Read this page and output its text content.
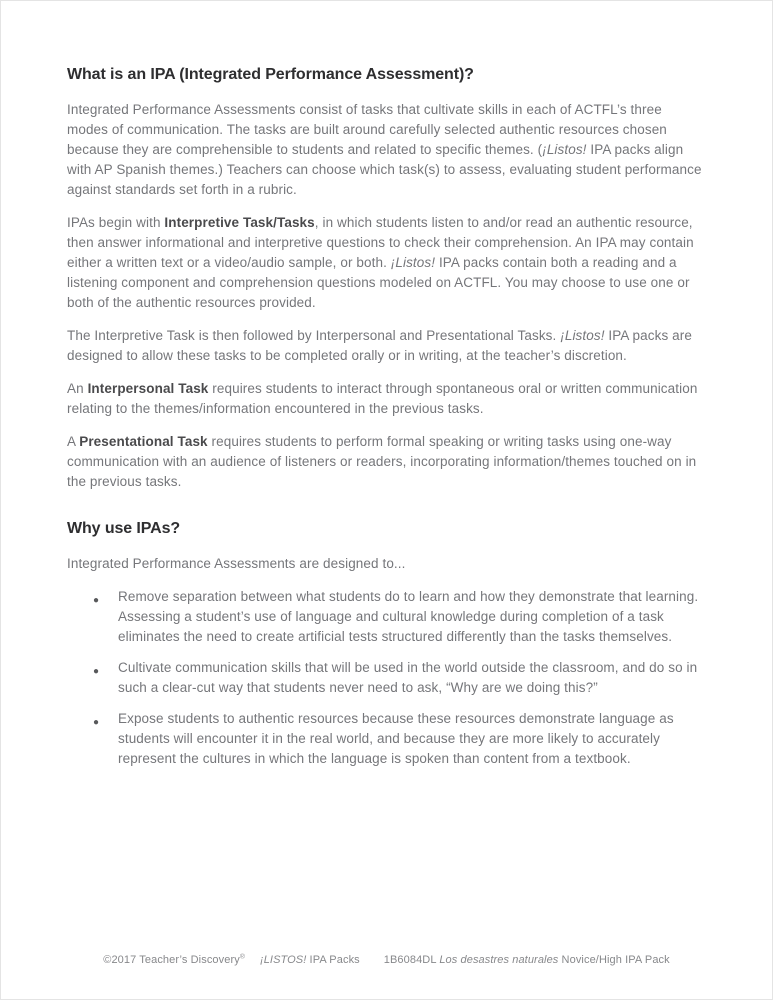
What is an IPA (Integrated Performance Assessment)?

Integrated Performance Assessments consist of tasks that cultivate skills in each of ACTFL’s three modes of communication. The tasks are built around carefully selected authentic resources chosen because they are comprehensible to students and related to specific themes. (¡Listos! IPA packs align with AP Spanish themes.) Teachers can choose which task(s) to assess, evaluating student performance against standards set forth in a rubric.

IPAs begin with Interpretive Task/Tasks, in which students listen to and/or read an authentic resource, then answer informational and interpretive questions to check their comprehension. An IPA may contain either a written text or a video/audio sample, or both. ¡Listos! IPA packs contain both a reading and a listening component and comprehension questions modeled on ACTFL. You may choose to use one or both of the authentic resources provided.

The Interpretive Task is then followed by Interpersonal and Presentational Tasks. ¡Listos! IPA packs are designed to allow these tasks to be completed orally or in writing, at the teacher’s discretion.

An Interpersonal Task requires students to interact through spontaneous oral or written communication relating to the themes/information encountered in the previous tasks.

A Presentational Task requires students to perform formal speaking or writing tasks using one-way communication with an audience of listeners or readers, incorporating information/themes touched on in the previous tasks.

Why use IPAs?

Integrated Performance Assessments are designed to...

● Remove separation between what students do to learn and how they demonstrate that learning. Assessing a student’s use of language and cultural knowledge during completion of a task eliminates the need to create artificial tests structured differently than the tasks themselves.
● Cultivate communication skills that will be used in the world outside the classroom, and do so in such a clear-cut way that students never need to ask, “Why are we doing this?”
● Expose students to authentic resources because these resources demonstrate language as students will encounter it in the real world, and because they are more likely to accurately represent the cultures in which the language is spoken than content from a textbook.
©2017 Teacher’s Discovery® ¡LISTOS! IPA Packs 1B6084DL Los desastres naturales Novice/High IPA Pack
